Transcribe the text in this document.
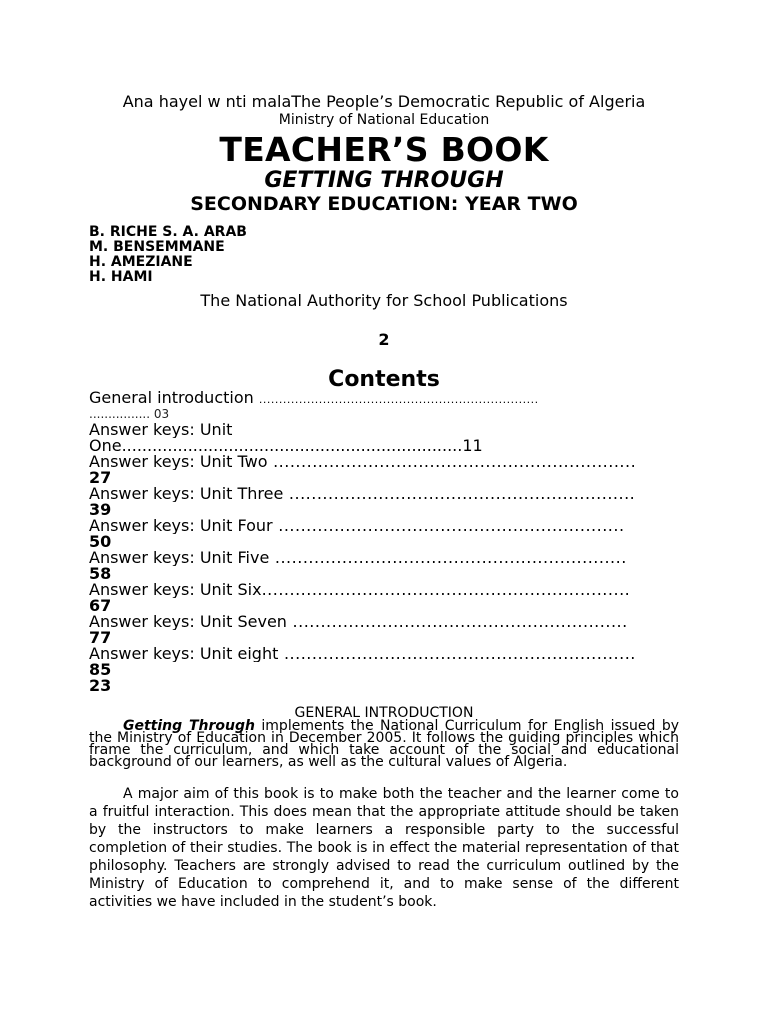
Ana hayel w nti malaThe People’s Democratic Republic of Algeria
Ministry of National Education
TEACHER’S BOOK
GETTING THROUGH
SECONDARY EDUCATION: YEAR TWO
B. RICHE S. A. ARAB
M. BENSEMMANE
H. AMEZIANE
H. HAMI
The National Authority for School Publications
2
Contents
General introduction ......................................................................
................ 03
Answer keys: Unit
One...................................................................11
Answer keys: Unit Two .................................................................
27
Answer keys: Unit Three ..............................................................
39
Answer keys: Unit Four ..............................................................
50
Answer keys: Unit Five ...............................................................
58
Answer keys: Unit Six..................................................................
67
Answer keys: Unit Seven ............................................................
77
Answer keys: Unit eight ...............................................................
85
23
GENERAL INTRODUCTION
Getting Through implements the National Curriculum for English issued by the Ministry of Education in December 2005. It follows the guiding principles which frame the curriculum, and which take account of the social and educational background of our learners, as well as the cultural values of Algeria.
A major aim of this book is to make both the teacher and the learner come to a fruitful interaction. This does mean that the appropriate attitude should be taken by the instructors to make learners a responsible party to the successful completion of their studies. The book is in effect the material representation of that philosophy. Teachers are strongly advised to read the curriculum outlined by the Ministry of Education to comprehend it, and to make sense of the different activities we have included in the student’s book.
